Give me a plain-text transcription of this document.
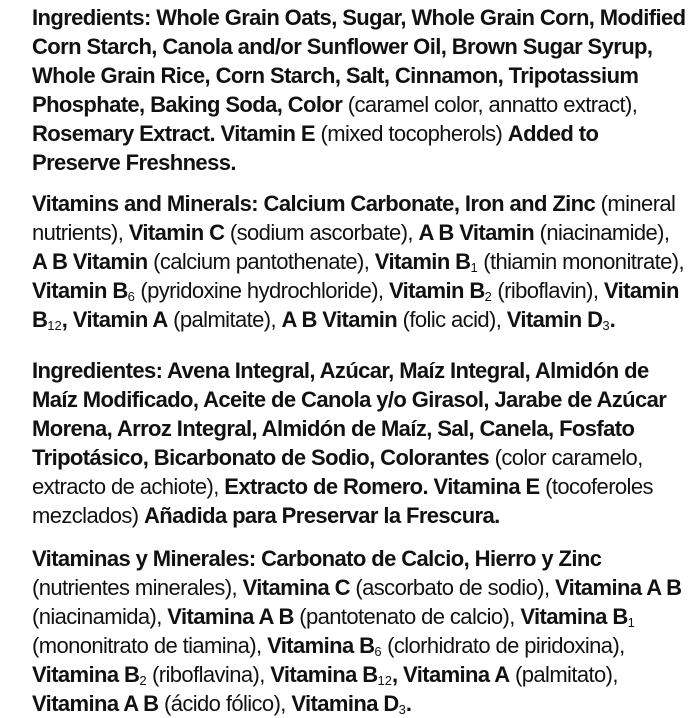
Ingredients: Whole Grain Oats, Sugar, Whole Grain Corn, Modified Corn Starch, Canola and/or Sunflower Oil, Brown Sugar Syrup, Whole Grain Rice, Corn Starch, Salt, Cinnamon, Tripotassium Phosphate, Baking Soda, Color (caramel color, annatto extract), Rosemary Extract. Vitamin E (mixed tocopherols) Added to Preserve Freshness.

Vitamins and Minerals: Calcium Carbonate, Iron and Zinc (mineral nutrients), Vitamin C (sodium ascorbate), A B Vitamin (niacinamide), A B Vitamin (calcium pantothenate), Vitamin $B_1$ (thiamin mononitrate), Vitamin $B_6$ (pyridoxine hydrochloride), Vitamin $B_2$ (riboflavin), Vitamin $B_{12}$, Vitamin A (palmitate), A B Vitamin (folic acid), Vitamin $D_3$.

Ingredientes: Avena Integral, Azúcar, Maíz Integral, Almidón de Maíz Modificado, Aceite de Canola y/o Girasol, Jarabe de Azúcar Morena, Arroz Integral, Almidón de Maíz, Sal, Canela, Fosfato Tripotásico, Bicarbonato de Sodio, Colorantes (color caramelo, extracto de achiote), Extracto de Romero. Vitamina E (tocoferoles mezclados) Añadida para Preservar la Frescura.

Vitaminas y Minerales: Carbonato de Calcio, Hierro y Zinc (nutrientes minerales), Vitamina C (ascorbato de sodio), Vitamina A B (niacinamida), Vitamina A B (pantotenato de calcio), Vitamina $B_1$ (mononitrato de tiamina), Vitamina $B_6$ (clorhidrato de piridoxina), Vitamina $B_2$ (riboflavina), Vitamina $B_{12}$, Vitamina A (palmitato), Vitamina A B (ácido fólico), Vitamina $D_3$.
